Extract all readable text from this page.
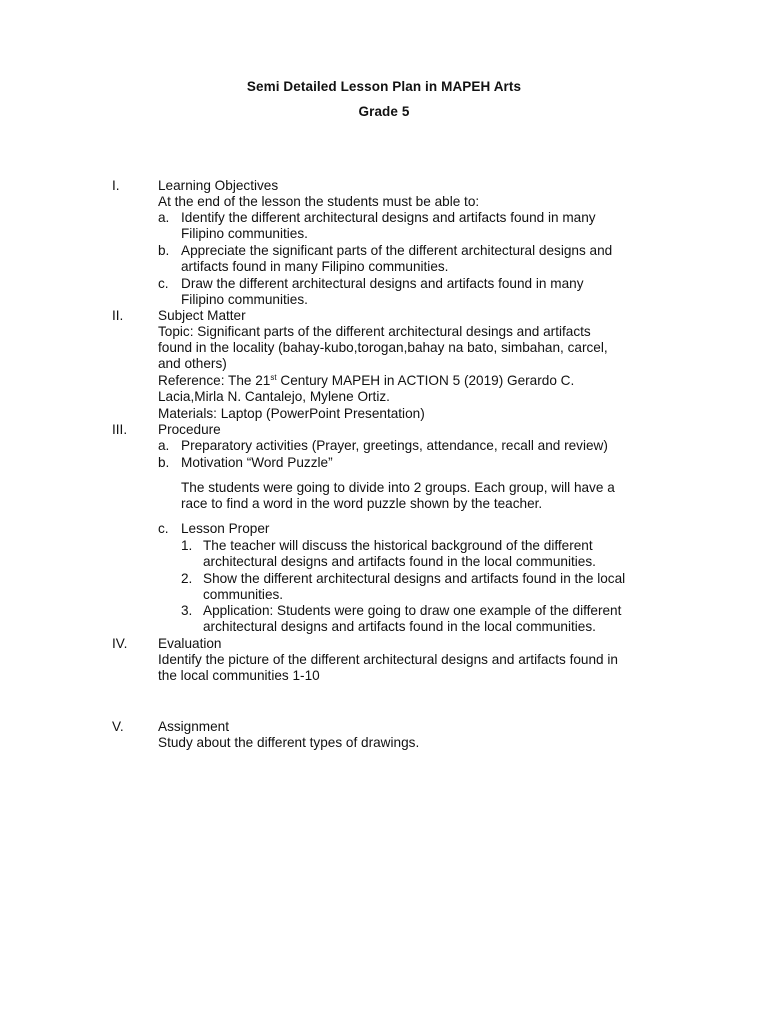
Semi Detailed Lesson Plan in MAPEH Arts
Grade 5
I.	Learning Objectives
At the end of the lesson the students must be able to:
a. Identify the different architectural designs and artifacts found in many
Filipino communities.
b. Appreciate the significant parts of the different architectural designs and
artifacts found in many Filipino communities.
c. Draw the different architectural designs and artifacts found in many
Filipino communities.
II.	Subject Matter
Topic: Significant parts of the different architectural desings and artifacts
found in the locality (bahay-kubo,torogan,bahay na bato, simbahan, carcel,
and others)
Reference: The 21st Century MAPEH in ACTION 5 (2019) Gerardo C.
Lacia,Mirla N. Cantalejo, Mylene Ortiz.
Materials: Laptop (PowerPoint Presentation)
III. Procedure
a. Preparatory activities (Prayer, greetings, attendance, recall and review)
b. Motivation “Word Puzzle”
The students were going to divide into 2 groups. Each group, will have a
race to find a word in the word puzzle shown by the teacher.
c. Lesson Proper
1. The teacher will discuss the historical background of the different
architectural designs and artifacts found in the local communities.
2. Show the different architectural designs and artifacts found in the local
communities.
3. Application: Students were going to draw one example of the different
architectural designs and artifacts found in the local communities.
IV. Evaluation
Identify the picture of the different architectural designs and artifacts found in
the local communities 1-10
V.	Assignment
Study about the different types of drawings.
